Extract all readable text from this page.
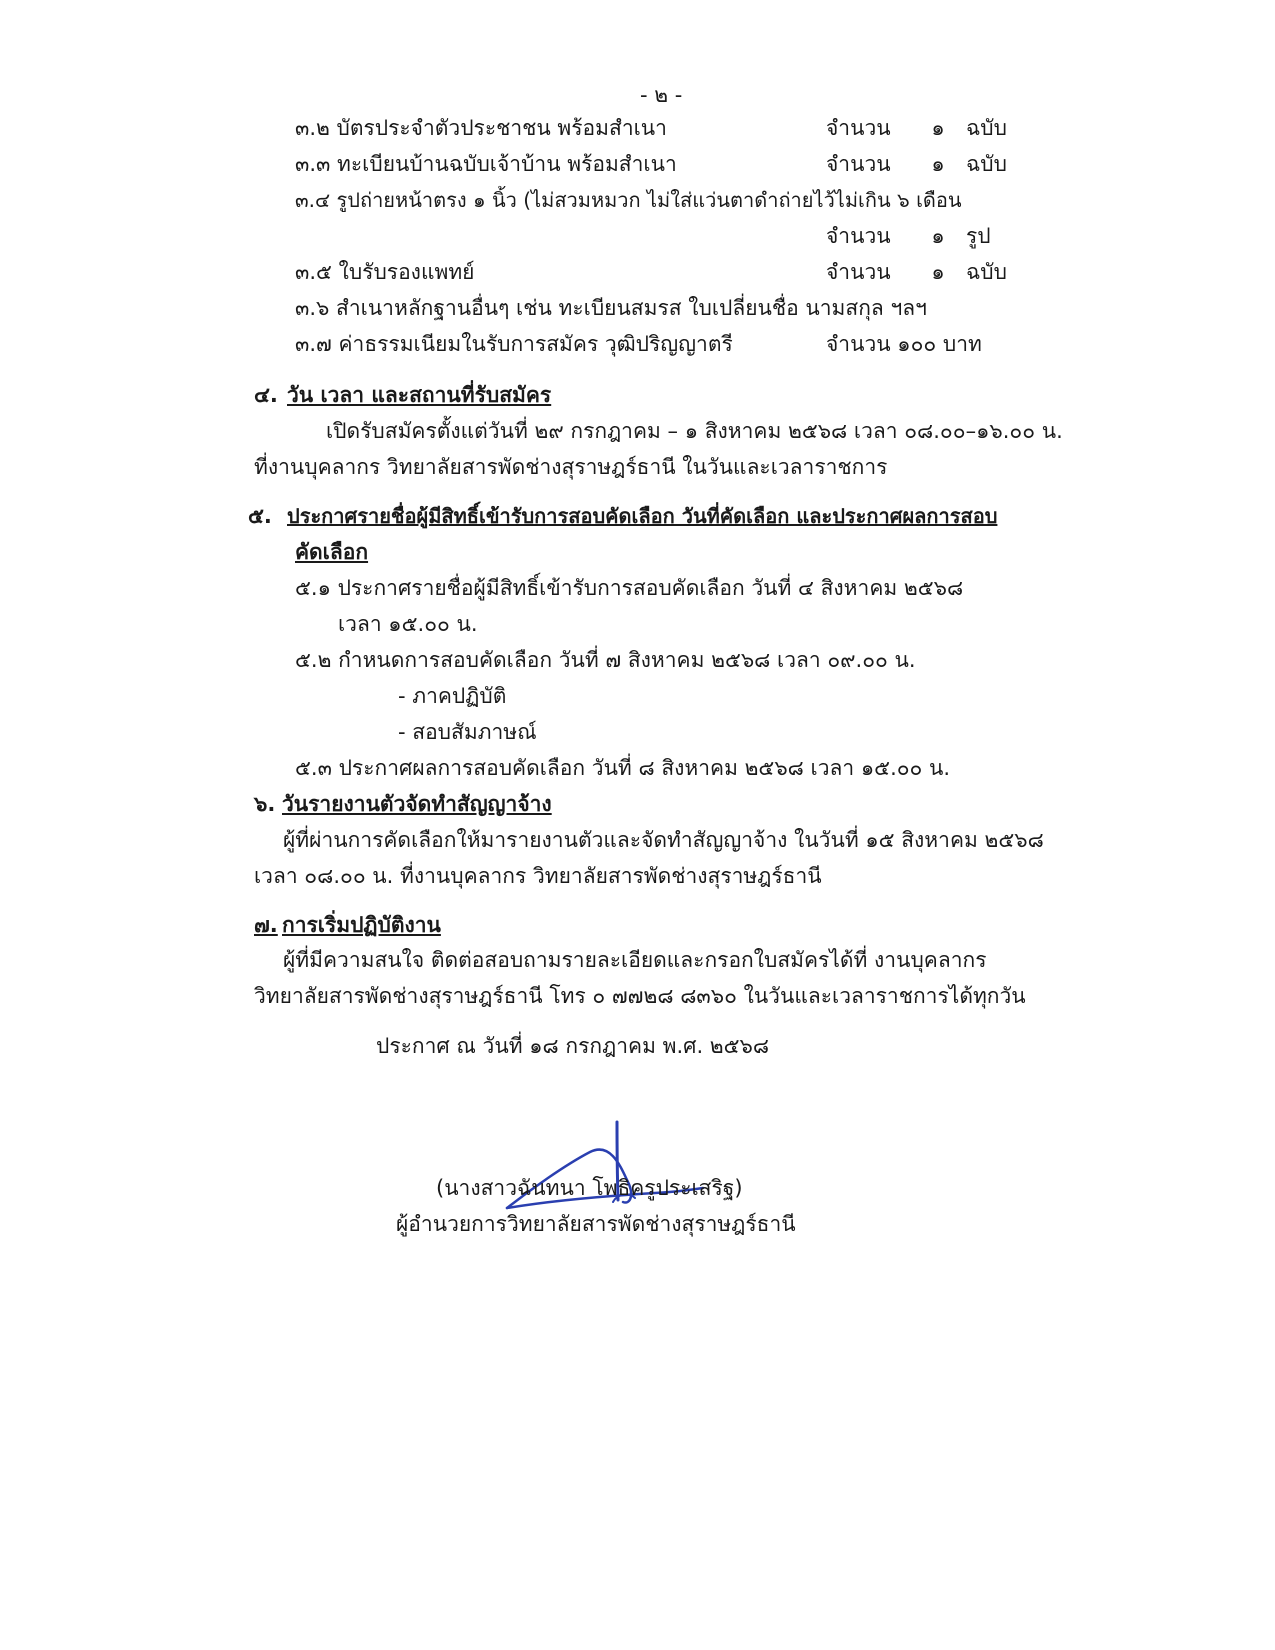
- ๒ -
๓.๒ บัตรประจำตัวประชาชน พร้อมสำเนา	จำนวน ๑ ฉบับ
๓.๓ ทะเบียนบ้านฉบับเจ้าบ้าน พร้อมสำเนา	จำนวน ๑ ฉบับ
๓.๔ รูปถ่ายหน้าตรง ๑ นิ้ว (ไม่สวมหมวก ไม่ใส่แว่นตาดำถ่ายไว้ไม่เกิน ๖ เดือน
จำนวน ๑ รูป
๓.๕ ใบรับรองแพทย์	จำนวน ๑ ฉบับ
๓.๖ สำเนาหลักฐานอื่นๆ เช่น ทะเบียนสมรส ใบเปลี่ยนชื่อ นามสกุล ฯลฯ
๓.๗ ค่าธรรมเนียมในรับการสมัคร วุฒิปริญญาตรี	จำนวน ๑๐๐ บาท
๔. วัน เวลา และสถานที่รับสมัคร
เปิดรับสมัครตั้งแต่วันที่ ๒๙ กรกฎาคม – ๑ สิงหาคม ๒๕๖๘ เวลา ๐๘.๐๐–๑๖.๐๐ น.
ที่งานบุคลากร วิทยาลัยสารพัดช่างสุราษฎร์ธานี ในวันและเวลาราชการ
๕. ประกาศรายชื่อผู้มีสิทธิ์เข้ารับการสอบคัดเลือก วันที่คัดเลือก และประกาศผลการสอบ
คัดเลือก
๕.๑ ประกาศรายชื่อผู้มีสิทธิ์เข้ารับการสอบคัดเลือก วันที่ ๔ สิงหาคม ๒๕๖๘
เวลา ๑๕.๐๐ น.
๕.๒ กำหนดการสอบคัดเลือก วันที่ ๗ สิงหาคม ๒๕๖๘ เวลา ๐๙.๐๐ น.
- ภาคปฏิบัติ
- สอบสัมภาษณ์
๕.๓ ประกาศผลการสอบคัดเลือก วันที่ ๘ สิงหาคม ๒๕๖๘ เวลา ๑๕.๐๐ น.
๖. วันรายงานตัวจัดทำสัญญาจ้าง
ผู้ที่ผ่านการคัดเลือกให้มารายงานตัวและจัดทำสัญญาจ้าง ในวันที่ ๑๕ สิงหาคม ๒๕๖๘
เวลา ๐๘.๐๐ น. ที่งานบุคลากร วิทยาลัยสารพัดช่างสุราษฎร์ธานี
๗. การเริ่มปฏิบัติงาน
ผู้ที่มีความสนใจ ติดต่อสอบถามรายละเอียดและกรอกใบสมัครได้ที่ งานบุคลากร
วิทยาลัยสารพัดช่างสุราษฎร์ธานี โทร ๐ ๗๗๒๘ ๘๓๖๐ ในวันและเวลาราชการได้ทุกวัน
ประกาศ ณ วันที่ ๑๘ กรกฎาคม พ.ศ. ๒๕๖๘
(นางสาวฉันทนา โพธิครูประเสริฐ)
ผู้อำนวยการวิทยาลัยสารพัดช่างสุราษฎร์ธานี
